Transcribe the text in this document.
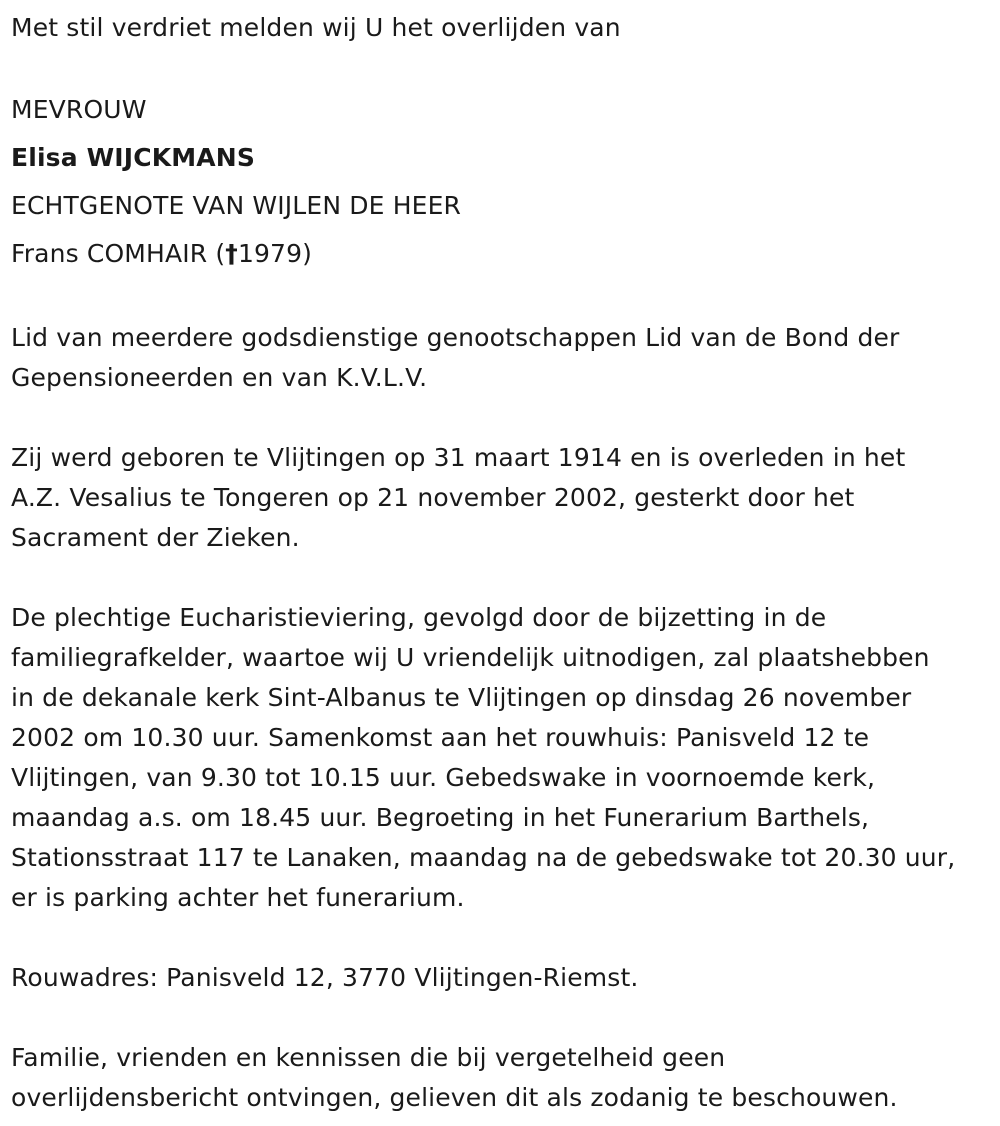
Met stil verdriet melden wij U het overlijden van
MEVROUW
Elisa WIJCKMANS
ECHTGENOTE VAN WIJLEN DE HEER
Frans COMHAIR (†1979)
Lid van meerdere godsdienstige genootschappen Lid van de Bond der
Gepensioneerden en van K.V.L.V.
Zij werd geboren te Vlijtingen op 31 maart 1914 en is overleden in het
A.Z. Vesalius te Tongeren op 21 november 2002, gesterkt door het
Sacrament der Zieken.
De plechtige Eucharistieviering, gevolgd door de bijzetting in de
familiegrafkelder, waartoe wij U vriendelijk uitnodigen, zal plaatshebben
in de dekanale kerk Sint-Albanus te Vlijtingen op dinsdag 26 november
2002 om 10.30 uur. Samenkomst aan het rouwhuis: Panisveld 12 te
Vlijtingen, van 9.30 tot 10.15 uur. Gebedswake in voornoemde kerk,
maandag a.s. om 18.45 uur. Begroeting in het Funerarium Barthels,
Stationsstraat 117 te Lanaken, maandag na de gebedswake tot 20.30 uur,
er is parking achter het funerarium.
Rouwadres: Panisveld 12, 3770 Vlijtingen-Riemst.
Familie, vrienden en kennissen die bij vergetelheid geen
overlijdensbericht ontvingen, gelieven dit als zodanig te beschouwen.
